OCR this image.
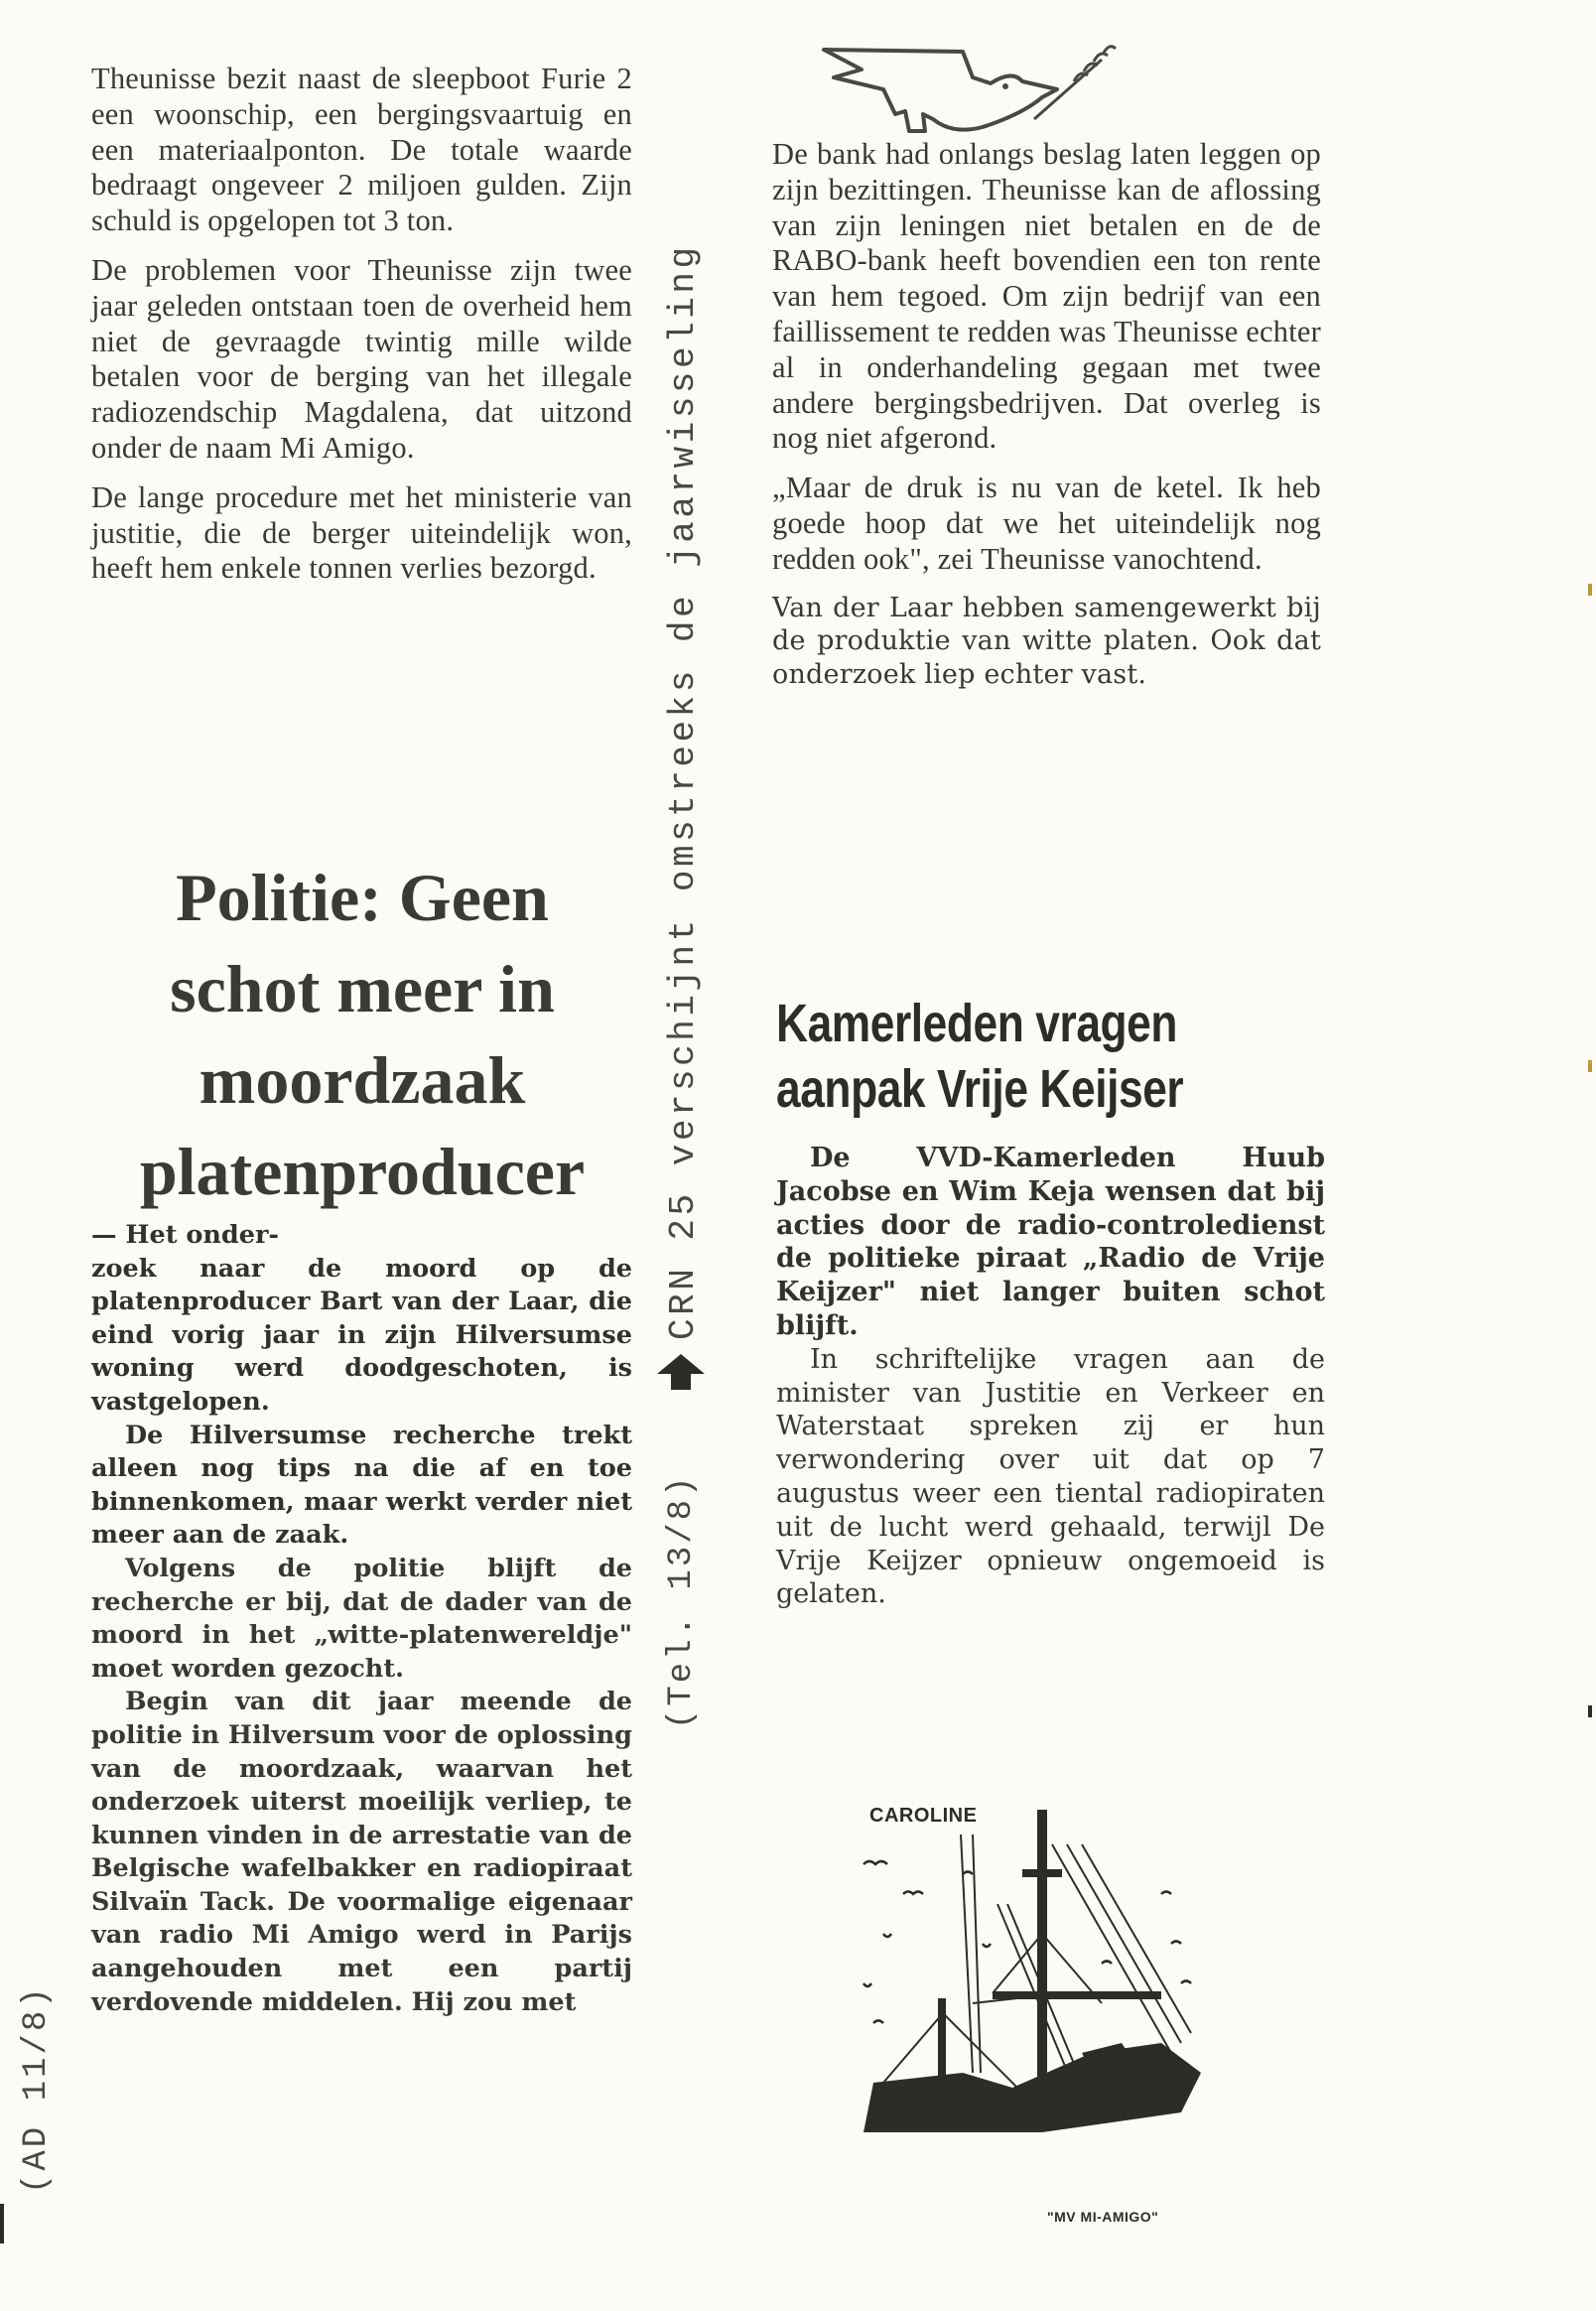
Theunisse bezit naast de sleepboot Furie 2 een woonschip, een bergingsvaartuig en een materiaalponton. De totale waarde bedraagt ongeveer 2 miljoen gulden. Zijn schuld is opgelopen tot 3 ton.

De problemen voor Theunisse zijn twee jaar geleden ontstaan toen de overheid hem niet de gevraagde twintig mille wilde betalen voor de berging van het illegale radiozendschip Magdalena, dat uitzond onder de naam Mi Amigo.

De lange procedure met het ministerie van justitie, die de berger uiteindelijk won, heeft hem enkele tonnen verlies bezorgd.

Politie: Geen
schot meer in
moordzaak
platenproducer

— Het onder-

zoek naar de moord op de platenproducer Bart van der Laar, die eind vorig jaar in zijn Hilversumse woning werd doodgeschoten, is vastgelopen.

De Hilversumse recherche trekt alleen nog tips na die af en toe binnenkomen, maar werkt verder niet meer aan de zaak.

Volgens de politie blijft de recherche er bij, dat de dader van de moord in het „witte-platenwereldje" moet worden gezocht.

Begin van dit jaar meende de politie in Hilversum voor de oplossing van de moordzaak, waarvan het onderzoek uiterst moeilijk verliep, te kunnen vinden in de arrestatie van de Belgische wafelbakker en radiopiraat Silvaïn Tack. De voormalige eigenaar van radio Mi Amigo werd in Parijs aangehouden met een partij verdovende middelen. Hij zou met

CRN 25 verschijnt omstreeks de jaarwisseling
(Tel. 13/8)
(AD 11/8)

De bank had onlangs beslag laten leggen op zijn bezittingen. Theunisse kan de aflossing van zijn leningen niet betalen en de de RABO-bank heeft bovendien een ton rente van hem tegoed. Om zijn bedrijf van een faillissement te redden was Theunisse echter al in onderhandeling gegaan met twee andere bergingsbedrijven. Dat overleg is nog niet afgerond.

„Maar de druk is nu van de ketel. Ik heb goede hoop dat we het uiteindelijk nog redden ook", zei Theunisse vanochtend.

Van der Laar hebben samengewerkt bij de produktie van witte platen. Ook dat onderzoek liep echter vast.

Kamerleden vragen
aanpak Vrije Keijser

De VVD-Kamerleden Huub Jacobse en Wim Keja wensen dat bij acties door de radio-controledienst de politieke piraat „Radio de Vrije Keijzer" niet langer buiten schot blijft.

In schriftelijke vragen aan de minister van Justitie en Verkeer en Waterstaat spreken zij er hun verwondering over uit dat op 7 augustus weer een tiental radiopiraten uit de lucht werd gehaald, terwijl De Vrije Keijzer opnieuw ongemoeid is gelaten.

CAROLINE
"MV MI-AMIGO"
